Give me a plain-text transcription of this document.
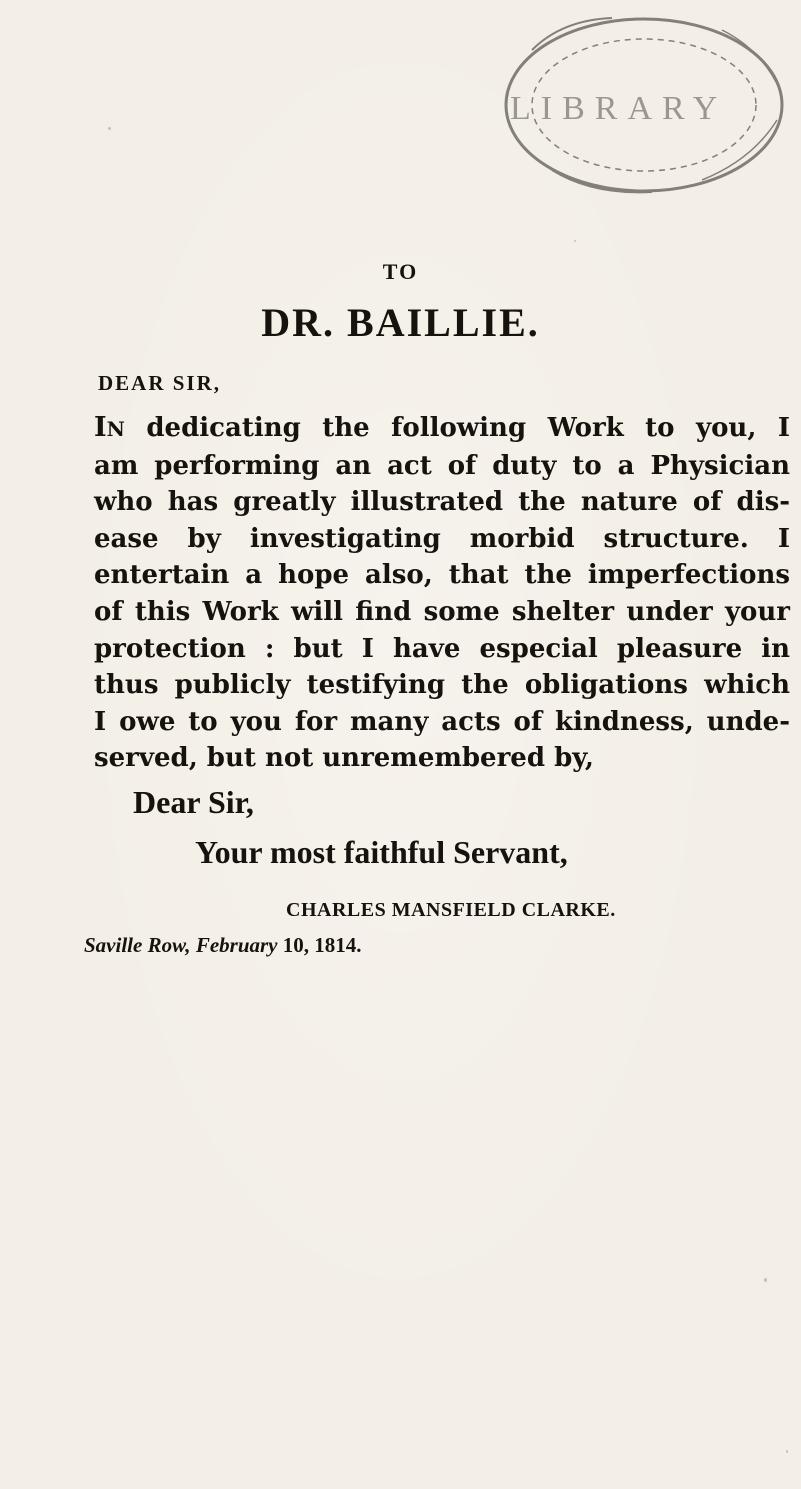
LIBRARY
TO
DR. BAILLIE.
DEAR SIR,
IN dedicating the following Work to you, I
am performing an act of duty to a Physician
who has greatly illustrated the nature of dis-
ease by investigating morbid structure. I
entertain a hope also, that the imperfections
of this Work will find some shelter under your
protection : but I have especial pleasure in
thus publicly testifying the obligations which
I owe to you for many acts of kindness, unde-
served, but not unremembered by,
Dear Sir,
Your most faithful Servant,
CHARLES MANSFIELD CLARKE.
Saville Row, February 10, 1814.
